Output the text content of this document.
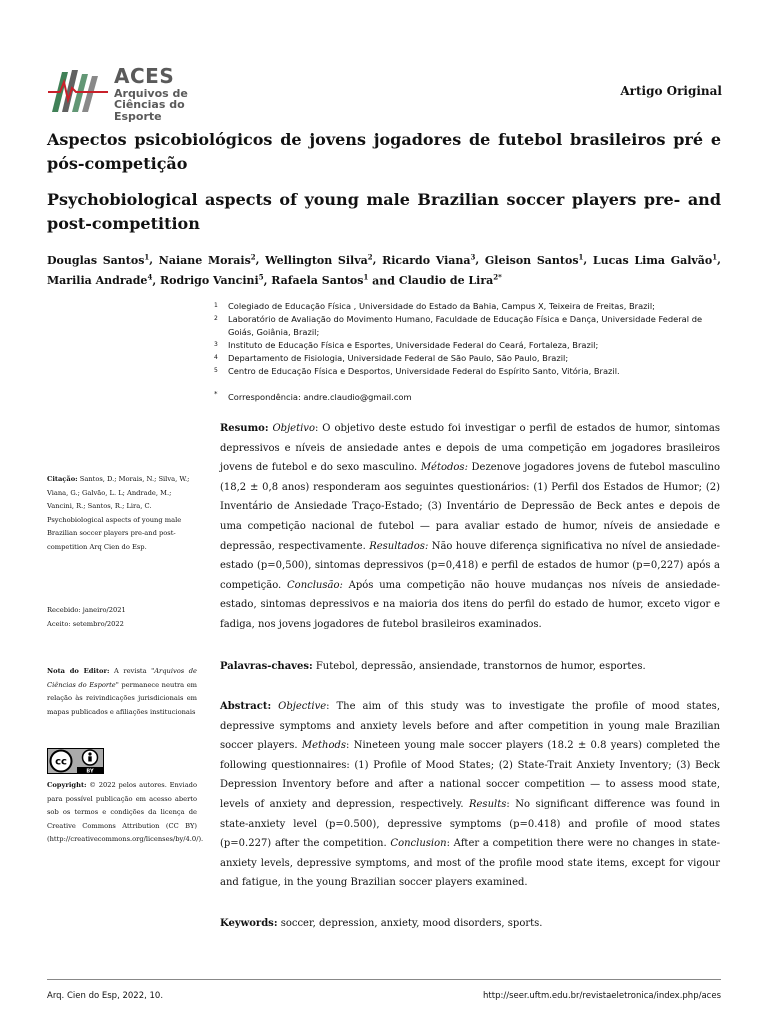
ACES
Arquivos de
Ciências do Esporte
Artigo Original
Aspectos psicobiológicos de jovens jogadores de futebol brasileiros pré e pós-competição
Psychobiological aspects of young male Brazilian soccer players pre- and post-competition
Douglas Santos$^1$, Naiane Morais$^2$, Wellington Silva$^2$, Ricardo Viana$^3$, Gleison Santos$^1$, Lucas Lima Galvão$^1$, Marilia Andrade$^4$, Rodrigo Vancini$^5$, Rafaela Santos$^1$ and Claudio de Lira$^{2*}$
1 Colegiado de Educação Física , Universidade do Estado da Bahia, Campus X, Teixeira de Freitas, Brazil;
2 Laboratório de Avaliação do Movimento Humano, Faculdade de Educação Física e Dança, Universidade Federal de Goiás, Goiânia, Brazil;
3 Instituto de Educação Física e Esportes, Universidade Federal do Ceará, Fortaleza, Brazil;
4 Departamento de Fisiologia, Universidade Federal de São Paulo, São Paulo, Brazil;
5 Centro de Educação Física e Desportos, Universidade Federal do Espírito Santo, Vitória, Brazil.
* Correspondência: andre.claudio@gmail.com
Resumo: Objetivo: O objetivo deste estudo foi investigar o perfil de estados de humor, sintomas depressivos e níveis de ansiedade antes e depois de uma competição em jogadores brasileiros jovens de futebol e do sexo masculino. Métodos: Dezenove jogadores jovens de futebol masculino (18,2 ± 0,8 anos) responderam aos seguintes questionários: (1) Perfil dos Estados de Humor; (2) Inventário de Ansiedade Traço-Estado; (3) Inventário de Depressão de Beck antes e depois de uma competição nacional de futebol — para avaliar estado de humor, níveis de ansiedade e depressão, respectivamente. Resultados: Não houve diferença significativa no nível de ansiedade-estado (p=0,500), sintomas depressivos (p=0,418) e perfil de estados de humor (p=0,227) após a competição. Conclusão: Após uma competição não houve mudanças nos níveis de ansiedade-estado, sintomas depressivos e na maioria dos itens do perfil do estado de humor, exceto vigor e fadiga, nos jovens jogadores de futebol brasileiros examinados.
Palavras-chaves: Futebol, depressão, ansiendade, transtornos de humor, esportes.
Abstract: Objective: The aim of this study was to investigate the profile of mood states, depressive symptoms and anxiety levels before and after competition in young male Brazilian soccer players. Methods: Nineteen young male soccer players (18.2 ± 0.8 years) completed the following questionnaires: (1) Profile of Mood States; (2) State-Trait Anxiety Inventory; (3) Beck Depression Inventory before and after a national soccer competition — to assess mood state, levels of anxiety and depression, respectively. Results: No significant difference was found in state-anxiety level (p=0.500), depressive symptoms (p=0.418) and profile of mood states (p=0.227) after the competition. Conclusion: After a competition there were no changes in state-anxiety levels, depressive symptoms, and most of the profile mood state items, except for vigour and fatigue, in the young Brazilian soccer players examined.
Keywords: soccer, depression, anxiety, mood disorders, sports.
Citação: Santos, D.; Morais, N.; Silva, W.; Viana, G.; Galvão, L. L; Andrade, M.; Vancini, R.; Santos, R.; Lira, C. Psychobiological aspects of young male Brazilian soccer players pre-and post-competition Arq Cien do Esp.
Recebido: janeiro/2021
Aceito: setembro/2022
Nota do Editor: A revista "Arquivos de Ciências do Esporte" permanece neutra em relação às reivindicações jurisdicionais em mapas publicados e afiliações institucionais
cc
BY
Copyright: © 2022 pelos autores. Enviado para possível publicação em acesso aberto sob os termos e condições da licença de Creative Commons Attribution (CC BY) (http://creativecommons.org/licenses/by/4.0/).
Arq. Cien do Esp, 2022, 10.	http://seer.uftm.edu.br/revistaeletronica/index.php/aces
